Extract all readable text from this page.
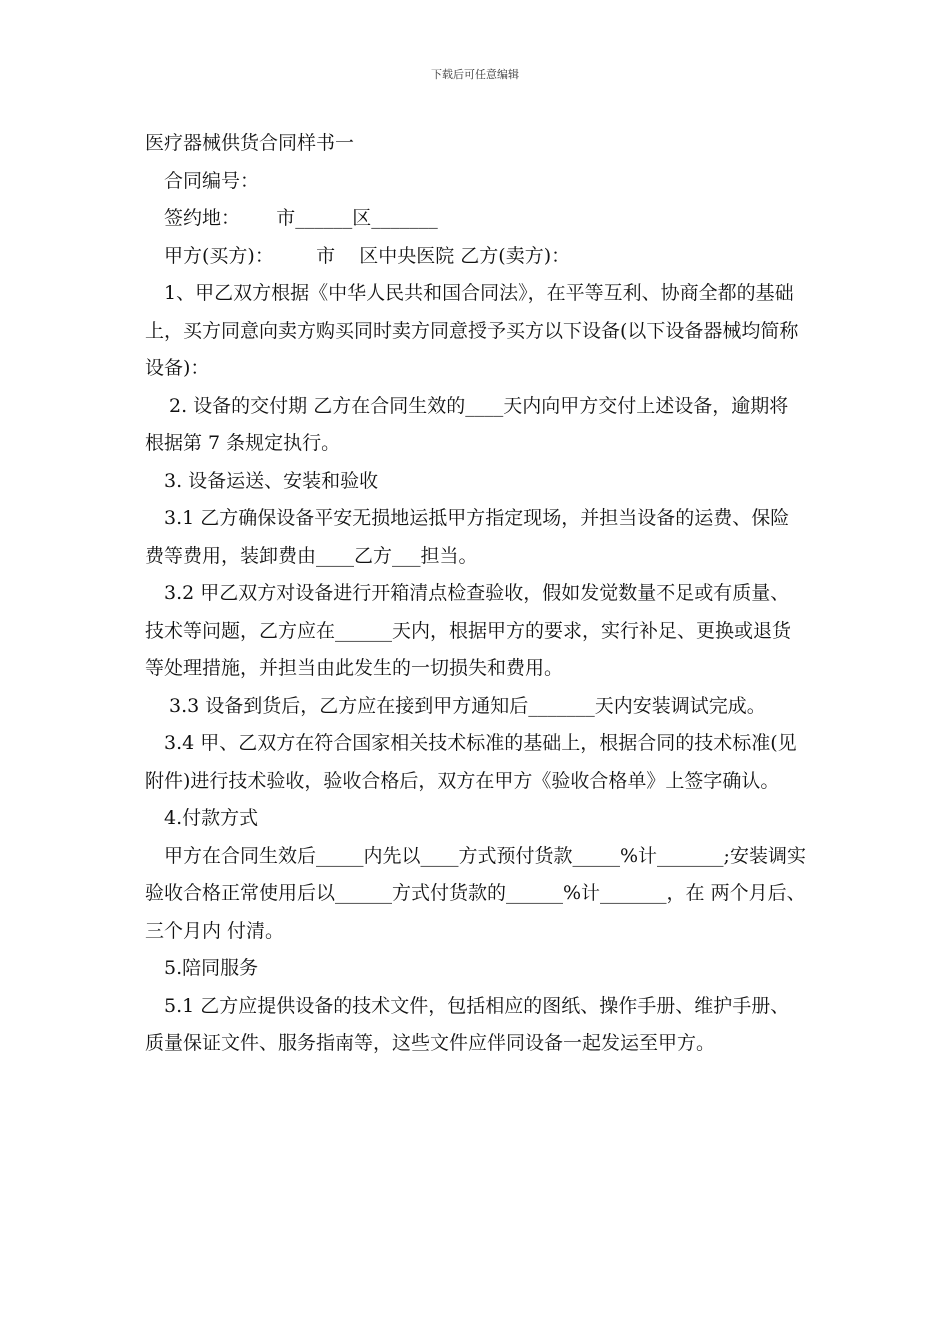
下载后可任意编辑

医疗器械供货合同样书一

合同编号：

签约地：      市______区_______

甲方(买方)：       市    区中央医院 乙方(卖方)：

1、甲乙双方根据《中华人民共和国合同法》，在平等互利、协商全都的基础上，买方同意向卖方购买同时卖方同意授予买方以下设备(以下设备器械均简称设备)：

2. 设备的交付期 乙方在合同生效的____天内向甲方交付上述设备，逾期将根据第 7 条规定执行。

3. 设备运送、安装和验收

3.1 乙方确保设备平安无损地运抵甲方指定现场，并担当设备的运费、保险费等费用，装卸费由____乙方___担当。

3.2 甲乙双方对设备进行开箱清点检查验收，假如发觉数量不足或有质量、技术等问题，乙方应在______天内，根据甲方的要求，实行补足、更换或退货等处理措施，并担当由此发生的一切损失和费用。

3.3 设备到货后，乙方应在接到甲方通知后_______天内安装调试完成。

3.4 甲、乙双方在符合国家相关技术标准的基础上，根据合同的技术标准(见附件)进行技术验收，验收合格后，双方在甲方《验收合格单》上签字确认。

4.付款方式

甲方在合同生效后_____内先以____方式预付货款_____%计_______;安装调实验收合格正常使用后以______方式付货款的______%计_______，在 两个月后、三个月内 付清。

5.陪同服务

5.1 乙方应提供设备的技术文件，包括相应的图纸、操作手册、维护手册、质量保证文件、服务指南等，这些文件应伴同设备一起发运至甲方。
